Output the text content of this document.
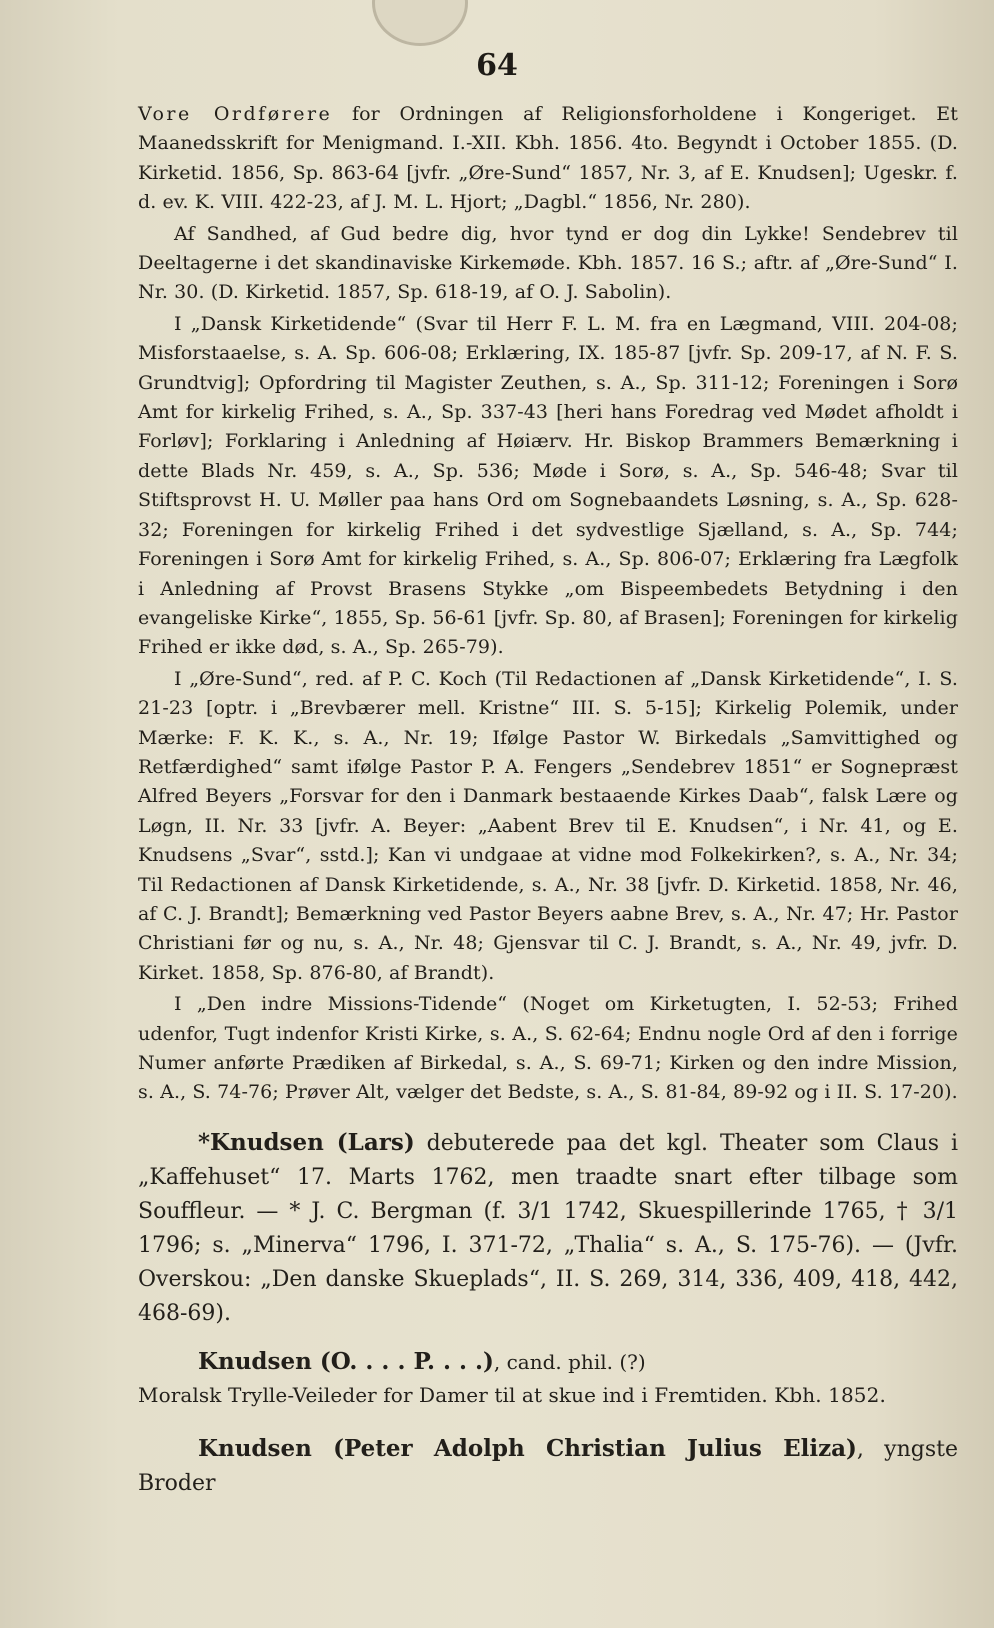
64

Vore Ordførere for Ordningen af Religionsforholdene i Kongeriget. Et Maanedsskrift for Menigmand. I.-XII. Kbh. 1856. 4to. Begyndt i October 1855. (D. Kirketid. 1856, Sp. 863-64 [jvfr. „Øre-Sund“ 1857, Nr. 3, af E. Knudsen]; Ugeskr. f. d. ev. K. VIII. 422-23, af J. M. L. Hjort; „Dagbl.“ 1856, Nr. 280).

Af Sandhed, af Gud bedre dig, hvor tynd er dog din Lykke! Sendebrev til Deeltagerne i det skandinaviske Kirkemøde. Kbh. 1857. 16 S.; aftr. af „Øre-Sund“ I. Nr. 30. (D. Kirketid. 1857, Sp. 618-19, af O. J. Sabolin).

I „Dansk Kirketidende“ (Svar til Herr F. L. M. fra en Lægmand, VIII. 204-08; Misforstaaelse, s. A. Sp. 606-08; Erklæring, IX. 185-87 [jvfr. Sp. 209-17, af N. F. S. Grundtvig]; Opfordring til Magister Zeuthen, s. A., Sp. 311-12; Foreningen i Sorø Amt for kirkelig Frihed, s. A., Sp. 337-43 [heri hans Foredrag ved Mødet afholdt i Forløv]; Forklaring i Anledning af Høiærv. Hr. Biskop Brammers Bemærkning i dette Blads Nr. 459, s. A., Sp. 536; Møde i Sorø, s. A., Sp. 546-48; Svar til Stiftsprovst H. U. Møller paa hans Ord om Sognebaandets Løsning, s. A., Sp. 628-32; Foreningen for kirkelig Frihed i det sydvestlige Sjælland, s. A., Sp. 744; Foreningen i Sorø Amt for kirkelig Frihed, s. A., Sp. 806-07; Erklæring fra Lægfolk i Anledning af Provst Brasens Stykke „om Bispeembedets Betydning i den evangeliske Kirke“, 1855, Sp. 56-61 [jvfr. Sp. 80, af Brasen]; Foreningen for kirkelig Frihed er ikke død, s. A., Sp. 265-79).

I „Øre-Sund“, red. af P. C. Koch (Til Redactionen af „Dansk Kirketidende“, I. S. 21-23 [optr. i „Brevbærer mell. Kristne“ III. S. 5-15]; Kirkelig Polemik, under Mærke: F. K. K., s. A., Nr. 19; Ifølge Pastor W. Birkedals „Samvittighed og Retfærdighed“ samt ifølge Pastor P. A. Fengers „Sendebrev 1851“ er Sognepræst Alfred Beyers „Forsvar for den i Danmark bestaaende Kirkes Daab“, falsk Lære og Løgn, II. Nr. 33 [jvfr. A. Beyer: „Aabent Brev til E. Knudsen“, i Nr. 41, og E. Knudsens „Svar“, sstd.]; Kan vi undgaae at vidne mod Folkekirken?, s. A., Nr. 34; Til Redactionen af Dansk Kirketidende, s. A., Nr. 38 [jvfr. D. Kirketid. 1858, Nr. 46, af C. J. Brandt]; Bemærkning ved Pastor Beyers aabne Brev, s. A., Nr. 47; Hr. Pastor Christiani før og nu, s. A., Nr. 48; Gjensvar til C. J. Brandt, s. A., Nr. 49, jvfr. D. Kirket. 1858, Sp. 876-80, af Brandt).

I „Den indre Missions-Tidende“ (Noget om Kirketugten, I. 52-53; Frihed udenfor, Tugt indenfor Kristi Kirke, s. A., S. 62-64; Endnu nogle Ord af den i forrige Numer anførte Prædiken af Birkedal, s. A., S. 69-71; Kirken og den indre Mission, s. A., S. 74-76; Prøver Alt, vælger det Bedste, s. A., S. 81-84, 89-92 og i II. S. 17-20).

*Knudsen (Lars) debuterede paa det kgl. Theater som Claus i „Kaffehuset“ 17. Marts 1762, men traadte snart efter tilbage som Souffleur. — * J. C. Bergman (f. 3/1 1742, Skuespillerinde 1765, † 3/1 1796; s. „Minerva“ 1796, I. 371-72, „Thalia“ s. A., S. 175-76). — (Jvfr. Overskou: „Den danske Skueplads“, II. S. 269, 314, 336, 409, 418, 442, 468-69).

Knudsen (O. . . . P. . . .), cand. phil. (?)

Moralsk Trylle-Veileder for Damer til at skue ind i Fremtiden. Kbh. 1852.

Knudsen (Peter Adolph Christian Julius Eliza), yngste Broder
